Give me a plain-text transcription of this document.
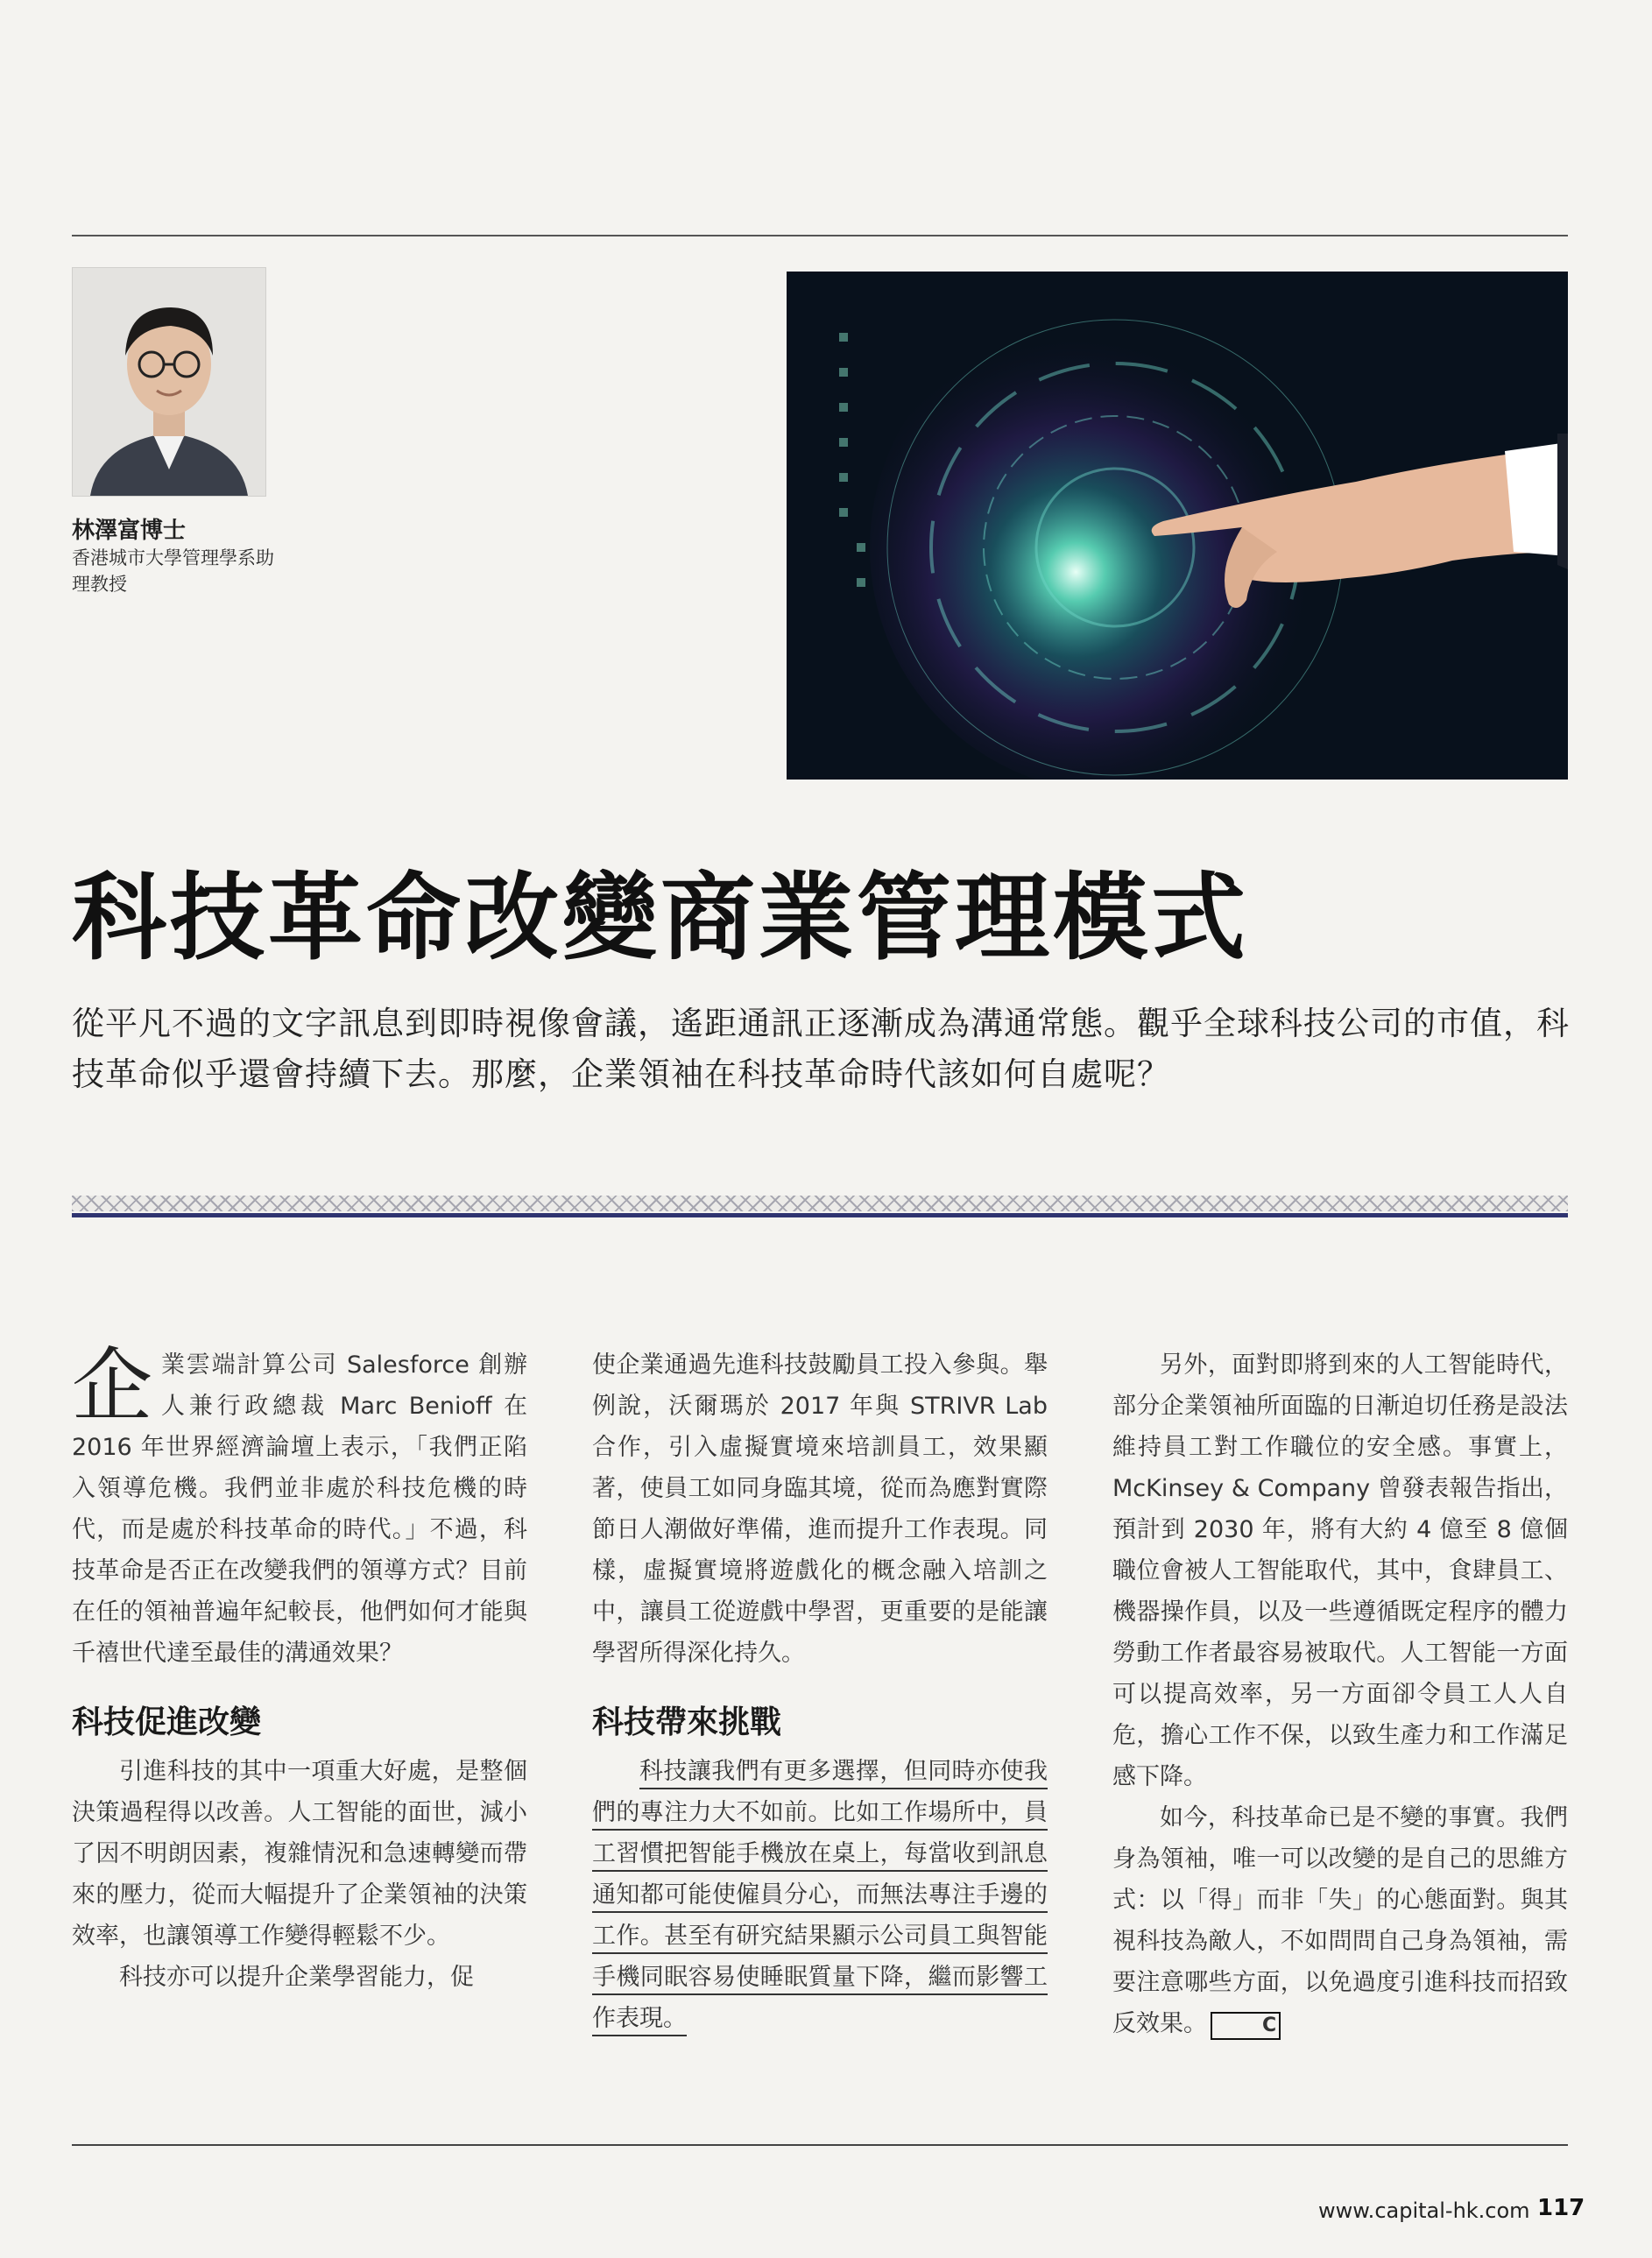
林澤富博士
香港城市大學管理學系助理教授
科技革命改變商業管理模式
從平凡不過的文字訊息到即時視像會議，遙距通訊正逐漸成為溝通常態。觀乎全球科技公司的市值，科技革命似乎還會持續下去。那麼，企業領袖在科技革命時代該如何自處呢？

企業雲端計算公司 Salesforce 創辦人兼行政總裁 Marc Benioff 在 2016 年世界經濟論壇上表示，「我們正陷入領導危機。我們並非處於科技危機的時代，而是處於科技革命的時代。」不過，科技革命是否正在改變我們的領導方式？目前在任的領袖普遍年紀較長，他們如何才能與千禧世代達至最佳的溝通效果？

科技促進改變

引進科技的其中一項重大好處，是整個決策過程得以改善。人工智能的面世，減小了因不明朗因素，複雜情況和急速轉變而帶來的壓力，從而大幅提升了企業領袖的決策效率，也讓領導工作變得輕鬆不少。

科技亦可以提升企業學習能力，促

使企業通過先進科技鼓勵員工投入參與。舉例說，沃爾瑪於 2017 年與 STRIVR Lab 合作，引入虛擬實境來培訓員工，效果顯著，使員工如同身臨其境，從而為應對實際節日人潮做好準備，進而提升工作表現。同樣，虛擬實境將遊戲化的概念融入培訓之中，讓員工從遊戲中學習，更重要的是能讓學習所得深化持久。

科技帶來挑戰

科技讓我們有更多選擇，但同時亦使我們的專注力大不如前。比如工作場所中，員工習慣把智能手機放在桌上，每當收到訊息通知都可能使僱員分心，而無法專注手邊的工作。甚至有研究結果顯示公司員工與智能手機同眠容易使睡眠質量下降，繼而影響工作表現。

另外，面對即將到來的人工智能時代，部分企業領袖所面臨的日漸迫切任務是設法維持員工對工作職位的安全感。事實上，McKinsey & Company 曾發表報告指出，預計到 2030 年，將有大約 4 億至 8 億個職位會被人工智能取代，其中，食肆員工、機器操作員，以及一些遵循既定程序的體力勞動工作者最容易被取代。人工智能一方面可以提高效率，另一方面卻令員工人人自危，擔心工作不保，以致生產力和工作滿足感下降。

如今，科技革命已是不變的事實。我們身為領袖，唯一可以改變的是自己的思維方式：以「得」而非「失」的心態面對。與其視科技為敵人，不如問問自己身為領袖，需要注意哪些方面，以免過度引進科技而招致反效果。	C

www.capital-hk.com 117
